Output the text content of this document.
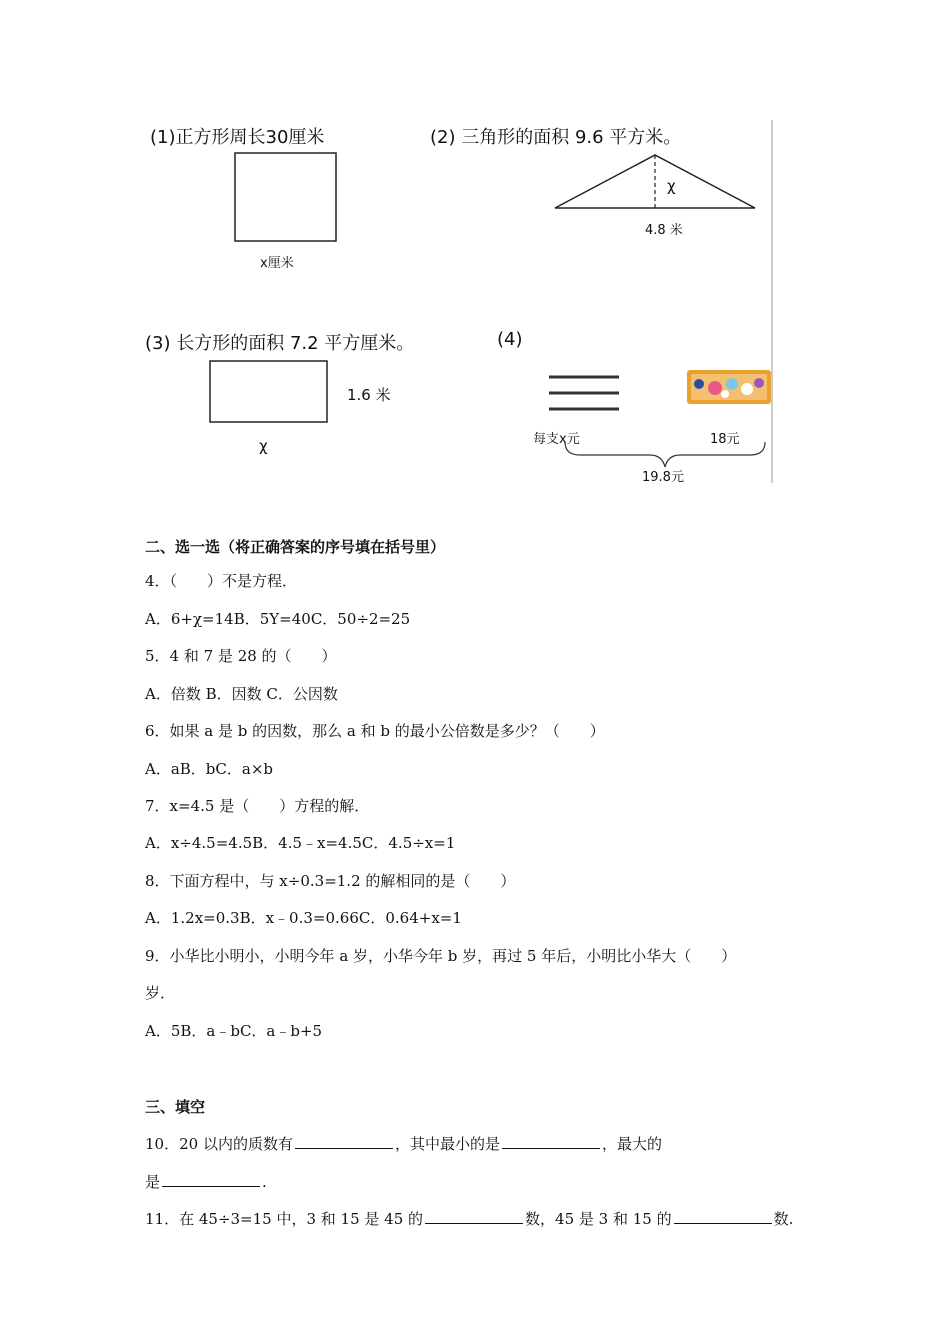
(1)正方形周长30厘米
x厘米
(2) 三角形的面积 9.6 平方米。
χ
4.8 米
(3) 长方形的面积 7.2 平方厘米。
1.6 米
χ
(4)
每支x元	18元
19.8元
二、选一选（将正确答案的序号填在括号里）
4．（　　）不是方程．
A．6+χ=14B．5Y=40C．50÷2=25
5．4 和 7 是 28 的（　　）
A．倍数 B．因数 C．公因数
6．如果 a 是 b 的因数，那么 a 和 b 的最小公倍数是多少？（　　）
A．aB．bC．a×b
7．x=4.5 是（　　）方程的解．
A．x÷4.5=4.5B．4.5﹣x=4.5C．4.5÷x=1
8．下面方程中，与 x÷0.3=1.2 的解相同的是（　　）
A．1.2x=0.3B．x﹣0.3=0.66C．0.64+x=1
9．小华比小明小，小明今年 a 岁，小华今年 b 岁，再过 5 年后，小明比小华大（　　）
岁．
A．5B．a﹣bC．a﹣b+5
三、填空
10．20 以内的质数有	，其中最小的是	，最大的
是	.
11．在 45÷3=15 中，3 和 15 是 45 的	数，45 是 3 和 15 的	数.
